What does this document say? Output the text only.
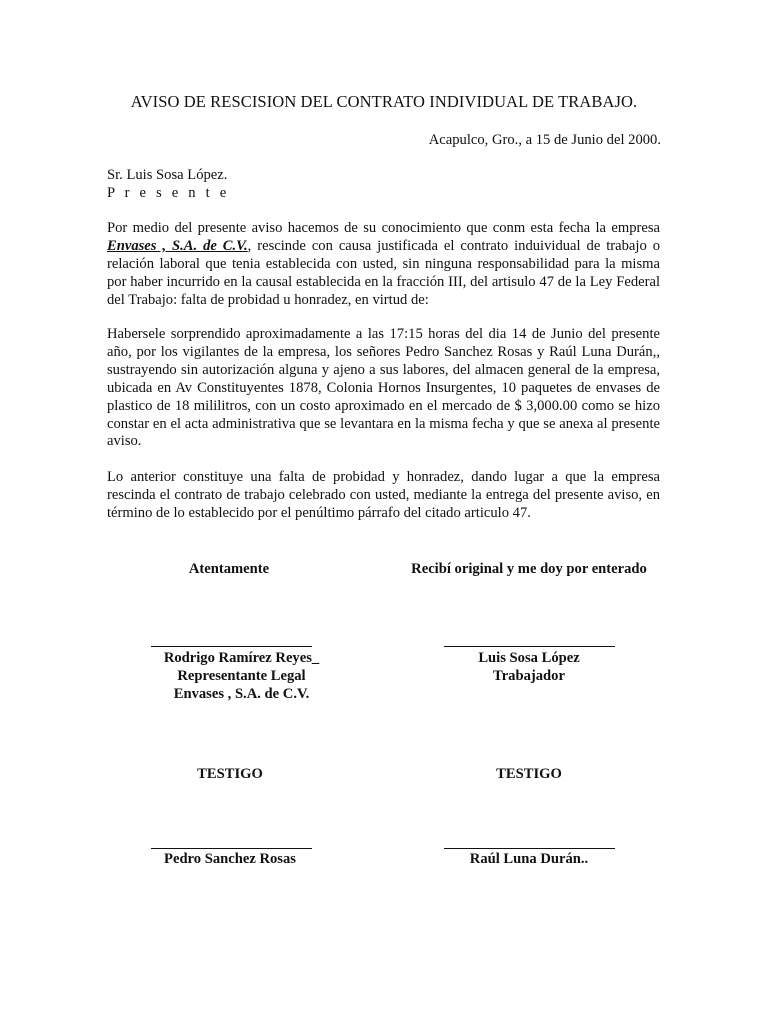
AVISO DE RESCISION DEL CONTRATO INDIVIDUAL DE TRABAJO.
Acapulco, Gro., a 15 de Junio del 2000.
Sr. Luis Sosa López.
P r e s e n t e

Por medio del presente aviso hacemos de su conocimiento que conm esta fecha la empresa Envases , S.A. de C.V., rescinde con causa justificada el contrato induividual de trabajo o relación laboral que tenia establecida con usted, sin ninguna responsabilidad para la misma por haber incurrido en la causal establecida en la fracción III, del artisulo 47 de la Ley Federal del Trabajo: falta de probidad u honradez, en virtud de:

Habersele sorprendido aproximadamente a las 17:15 horas del dia 14 de Junio del presente año, por los vigilantes de la empresa, los señores Pedro Sanchez Rosas y Raúl Luna Durán,, sustrayendo sin autorización alguna y ajeno a sus labores, del almacen general de la empresa, ubicada en Av Constituyentes 1878, Colonia Hornos Insurgentes, 10 paquetes de envases de plastico de 18 mililitros, con un costo aproximado en el mercado de $ 3,000.00 como se hizo constar en el acta administrativa que se levantara en la misma fecha y que se anexa al presente aviso.

Lo anterior constituye una falta de probidad y honradez, dando lugar a que la empresa rescinda el contrato de trabajo celebrado con usted, mediante la entrega del presente aviso, en término de lo establecido por el penúltimo párrafo del citado articulo 47.

Atentamente	Recibí original y me doy por enterado
Rodrigo Ramírez Reyes_
Representante Legal
Envases , S.A. de C.V.
Luis Sosa López
Trabajador
TESTIGO	TESTIGO
Pedro Sanchez Rosas	Raúl Luna Durán..
